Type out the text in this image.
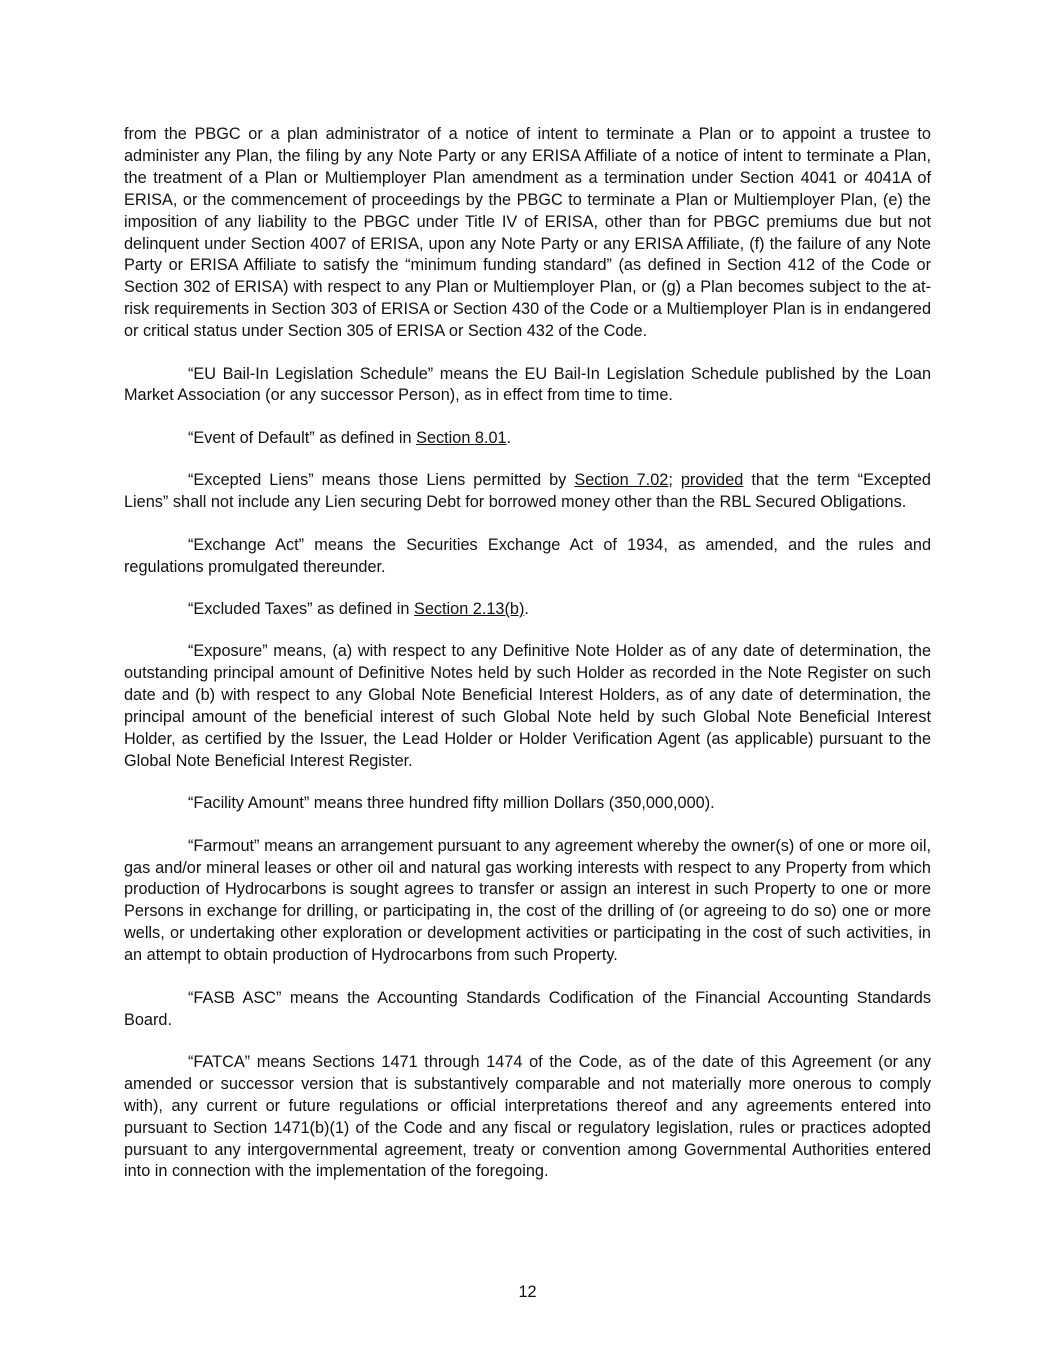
from the PBGC or a plan administrator of a notice of intent to terminate a Plan or to appoint a trustee to administer any Plan, the filing by any Note Party or any ERISA Affiliate of a notice of intent to terminate a Plan, the treatment of a Plan or Multiemployer Plan amendment as a termination under Section 4041 or 4041A of ERISA, or the commencement of proceedings by the PBGC to terminate a Plan or Multiemployer Plan, (e) the imposition of any liability to the PBGC under Title IV of ERISA, other than for PBGC premiums due but not delinquent under Section 4007 of ERISA, upon any Note Party or any ERISA Affiliate, (f) the failure of any Note Party or ERISA Affiliate to satisfy the “minimum funding standard” (as defined in Section 412 of the Code or Section 302 of ERISA) with respect to any Plan or Multiemployer Plan, or (g) a Plan becomes subject to the at-risk requirements in Section 303 of ERISA or Section 430 of the Code or a Multiemployer Plan is in endangered or critical status under Section 305 of ERISA or Section 432 of the Code.

“EU Bail-In Legislation Schedule” means the EU Bail-In Legislation Schedule published by the Loan Market Association (or any successor Person), as in effect from time to time.

“Event of Default” as defined in Section 8.01.

“Excepted Liens” means those Liens permitted by Section 7.02; provided that the term “Excepted Liens” shall not include any Lien securing Debt for borrowed money other than the RBL Secured Obligations.

“Exchange Act” means the Securities Exchange Act of 1934, as amended, and the rules and regulations promulgated thereunder.

“Excluded Taxes” as defined in Section 2.13(b).

“Exposure” means, (a) with respect to any Definitive Note Holder as of any date of determination, the outstanding principal amount of Definitive Notes held by such Holder as recorded in the Note Register on such date and (b) with respect to any Global Note Beneficial Interest Holders, as of any date of determination, the principal amount of the beneficial interest of such Global Note held by such Global Note Beneficial Interest Holder, as certified by the Issuer, the Lead Holder or Holder Verification Agent (as applicable) pursuant to the Global Note Beneficial Interest Register.

“Facility Amount” means three hundred fifty million Dollars (350,000,000).

“Farmout” means an arrangement pursuant to any agreement whereby the owner(s) of one or more oil, gas and/or mineral leases or other oil and natural gas working interests with respect to any Property from which production of Hydrocarbons is sought agrees to transfer or assign an interest in such Property to one or more Persons in exchange for drilling, or participating in, the cost of the drilling of (or agreeing to do so) one or more wells, or undertaking other exploration or development activities or participating in the cost of such activities, in an attempt to obtain production of Hydrocarbons from such Property.

“FASB ASC” means the Accounting Standards Codification of the Financial Accounting Standards Board.

“FATCA” means Sections 1471 through 1474 of the Code, as of the date of this Agreement (or any amended or successor version that is substantively comparable and not materially more onerous to comply with), any current or future regulations or official interpretations thereof and any agreements entered into pursuant to Section 1471(b)(1) of the Code and any fiscal or regulatory legislation, rules or practices adopted pursuant to any intergovernmental agreement, treaty or convention among Governmental Authorities entered into in connection with the implementation of the foregoing.

12
